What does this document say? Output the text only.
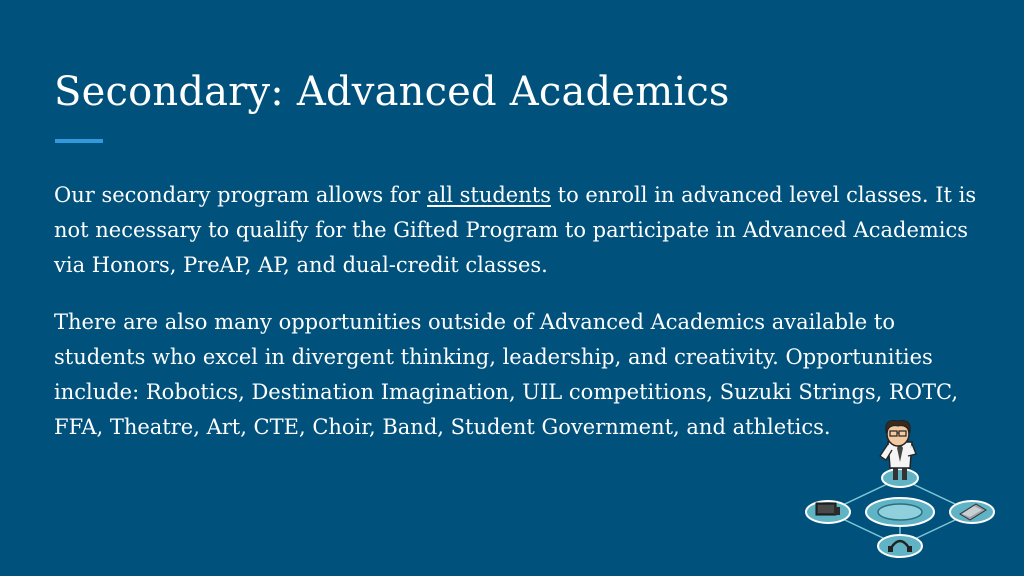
Secondary: Advanced Academics

Our secondary program allows for all students to enroll in advanced level classes. It is not necessary to qualify for the Gifted Program to participate in Advanced Academics via Honors, PreAP, AP, and dual-credit classes.

There are also many opportunities outside of Advanced Academics available to students who excel in divergent thinking, leadership, and creativity. Opportunities include: Robotics, Destination Imagination, UIL competitions, Suzuki Strings, ROTC, FFA, Theatre, Art, CTE, Choir, Band, Student Government, and athletics.
